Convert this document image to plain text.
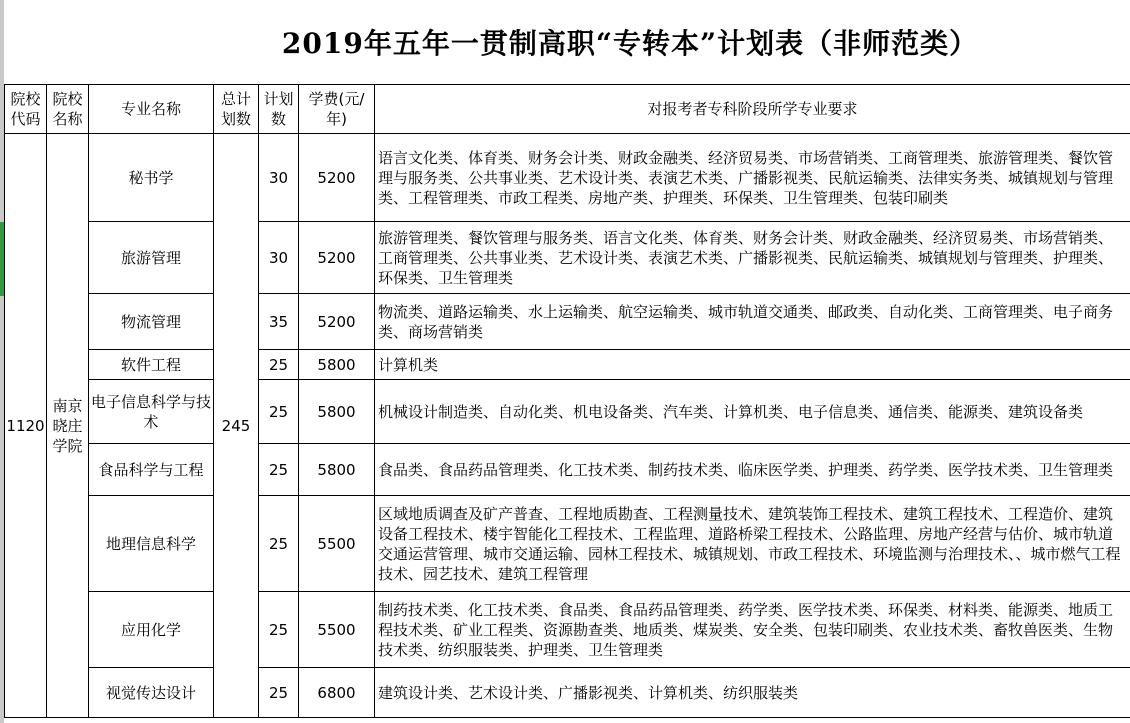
2019年五年一贯制高职“专转本”计划表（非师范类）
院校代码	院校名称	专业名称	总计划数	计划数	学费(元/年)	对报考者专科阶段所学专业要求
1120	南京晓庄学院	秘书学	245	30	5200	语言文化类、体育类、财务会计类、财政金融类、经济贸易类、市场营销类、工商管理类、旅游管理类、餐饮管理与服务类、公共事业类、艺术设计类、表演艺术类、广播影视类、民航运输类、法律实务类、城镇规划与管理类、工程管理类、市政工程类、房地产类、护理类、环保类、卫生管理类、包装印刷类
		旅游管理		30	5200	旅游管理类、餐饮管理与服务类、语言文化类、体育类、财务会计类、财政金融类、经济贸易类、市场营销类、工商管理类、公共事业类、艺术设计类、表演艺术类、广播影视类、民航运输类、城镇规划与管理类、护理类、环保类、卫生管理类
		物流管理		35	5200	物流类、道路运输类、水上运输类、航空运输类、城市轨道交通类、邮政类、自动化类、工商管理类、电子商务类、商场营销类
		软件工程		25	5800	计算机类
		电子信息科学与技术		25	5800	机械设计制造类、自动化类、机电设备类、汽车类、计算机类、电子信息类、通信类、能源类、建筑设备类
		食品科学与工程		25	5800	食品类、食品药品管理类、化工技术类、制药技术类、临床医学类、护理类、药学类、医学技术类、卫生管理类
		地理信息科学		25	5500	区域地质调查及矿产普查、工程地质勘查、工程测量技术、建筑装饰工程技术、建筑工程技术、工程造价、建筑设备工程技术、楼宇智能化工程技术、工程监理、道路桥梁工程技术、公路监理、房地产经营与估价、城市轨道交通运营管理、城市交通运输、园林工程技术、城镇规划、市政工程技术、环境监测与治理技术、、城市燃气工程技术、园艺技术、建筑工程管理
		应用化学		25	5500	制药技术类、化工技术类、食品类、食品药品管理类、药学类、医学技术类、环保类、材料类、能源类、地质工程技术类、矿业工程类、资源勘查类、地质类、煤炭类、安全类、包装印刷类、农业技术类、畜牧兽医类、生物技术类、纺织服装类、护理类、卫生管理类
		视觉传达设计		25	6800	建筑设计类、艺术设计类、广播影视类、计算机类、纺织服装类
